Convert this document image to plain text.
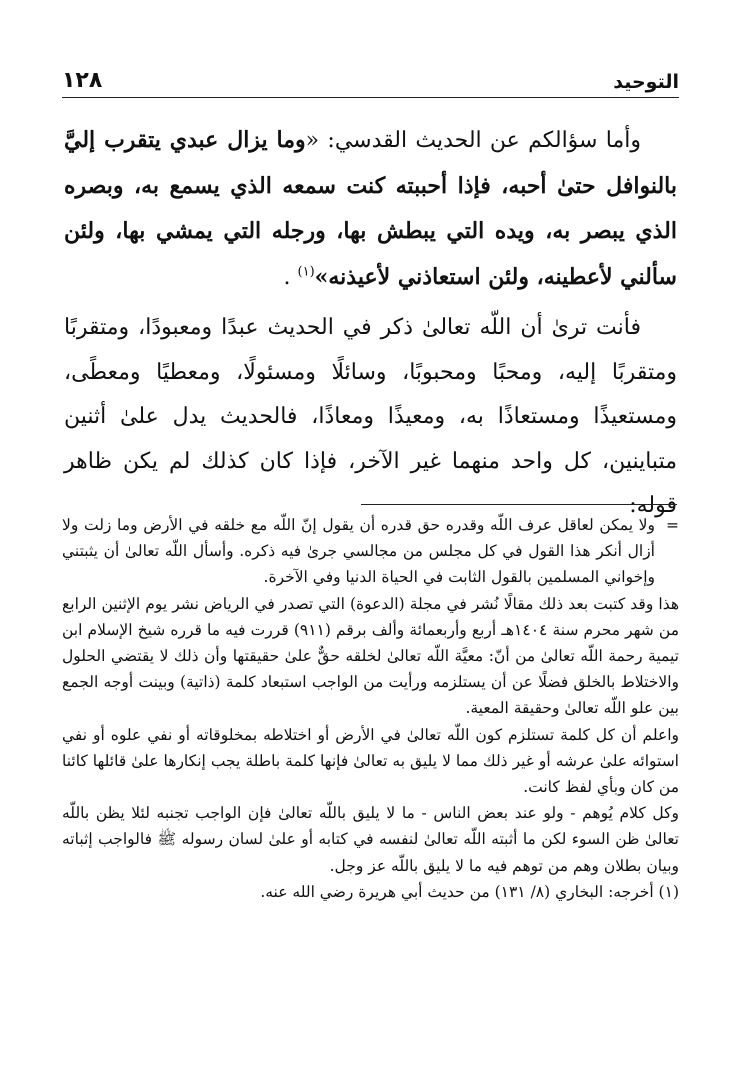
١٢٨	التوحيد

وأما سؤالكم عن الحديث القدسي: «وما يزال عبدي يتقرب إليَّ بالنوافل حتىٰ أحبه، فإذا أحببته كنت سمعه الذي يسمع به، وبصره الذي يبصر به، ويده التي يبطش بها، ورجله التي يمشي بها، ولئن سألني لأعطينه، ولئن استعاذني لأعيذنه»$^{(١)}$ .

فأنت ترىٰ أن اللّه تعالىٰ ذكر في الحديث عبدًا ومعبودًا، ومتقربًا ومتقربًا إليه، ومحبًا ومحبوبًا، وسائلًا ومسئولًا، ومعطيًا ومعطًى، ومستعيذًا ومستعاذًا به، ومعيذًا ومعاذًا، فالحديث يدل علىٰ أثنين متباينين، كل واحد منهما غير الآخر، فإذا كان كذلك لم يكن ظاهر قوله:

=
ولا يمكن لعاقل عرف اللّه وقدره حق قدره أن يقول إنّ اللّه مع خلقه في الأرض وما زلت ولا أزال أنكر هذا القول في كل مجلس من مجالسي جرىٰ فيه ذكره. وأسأل اللّه تعالىٰ أن يثبتني وإخواني المسلمين بالقول الثابت في الحياة الدنيا وفي الآخرة.

هذا وقد كتبت بعد ذلك مقالًا نُشر في مجلة (الدعوة) التي تصدر في الرياض نشر يوم الإثنين الرابع من شهر محرم سنة ١٤٠٤هـ أربع وأربعمائة وألف برقم (٩١١) قررت فيه ما قرره شيخ الإسلام ابن تيمية رحمة اللّه تعالىٰ من أنّ: معيَّة اللّه تعالىٰ لخلقه حقٌّ علىٰ حقيقتها وأن ذلك لا يقتضي الحلول والاختلاط بالخلق فضلًا عن أن يستلزمه ورأيت من الواجب استبعاد كلمة (ذاتية) وبينت أوجه الجمع بين علو اللّه تعالىٰ وحقيقة المعية.

واعلم أن كل كلمة تستلزم كون اللّه تعالىٰ في الأرض أو اختلاطه بمخلوقاته أو نفي علوه أو نفي استوائه علىٰ عرشه أو غير ذلك مما لا يليق به تعالىٰ فإنها كلمة باطلة يجب إنكارها علىٰ قائلها كائنا من كان وبأي لفظ كانت.

وكل كلام يُوهم - ولو عند بعض الناس - ما لا يليق باللّه تعالىٰ فإن الواجب تجنبه لئلا يظن باللّه تعالىٰ ظن السوء لكن ما أثبته اللّه تعالىٰ لنفسه في كتابه أو علىٰ لسان رسوله ﷺ فالواجب إثباته وبيان بطلان وهم من توهم فيه ما لا يليق باللّه عز وجل.

(١) أخرجه: البخاري (٨/ ١٣١) من حديث أبي هريرة رضي الله عنه.
